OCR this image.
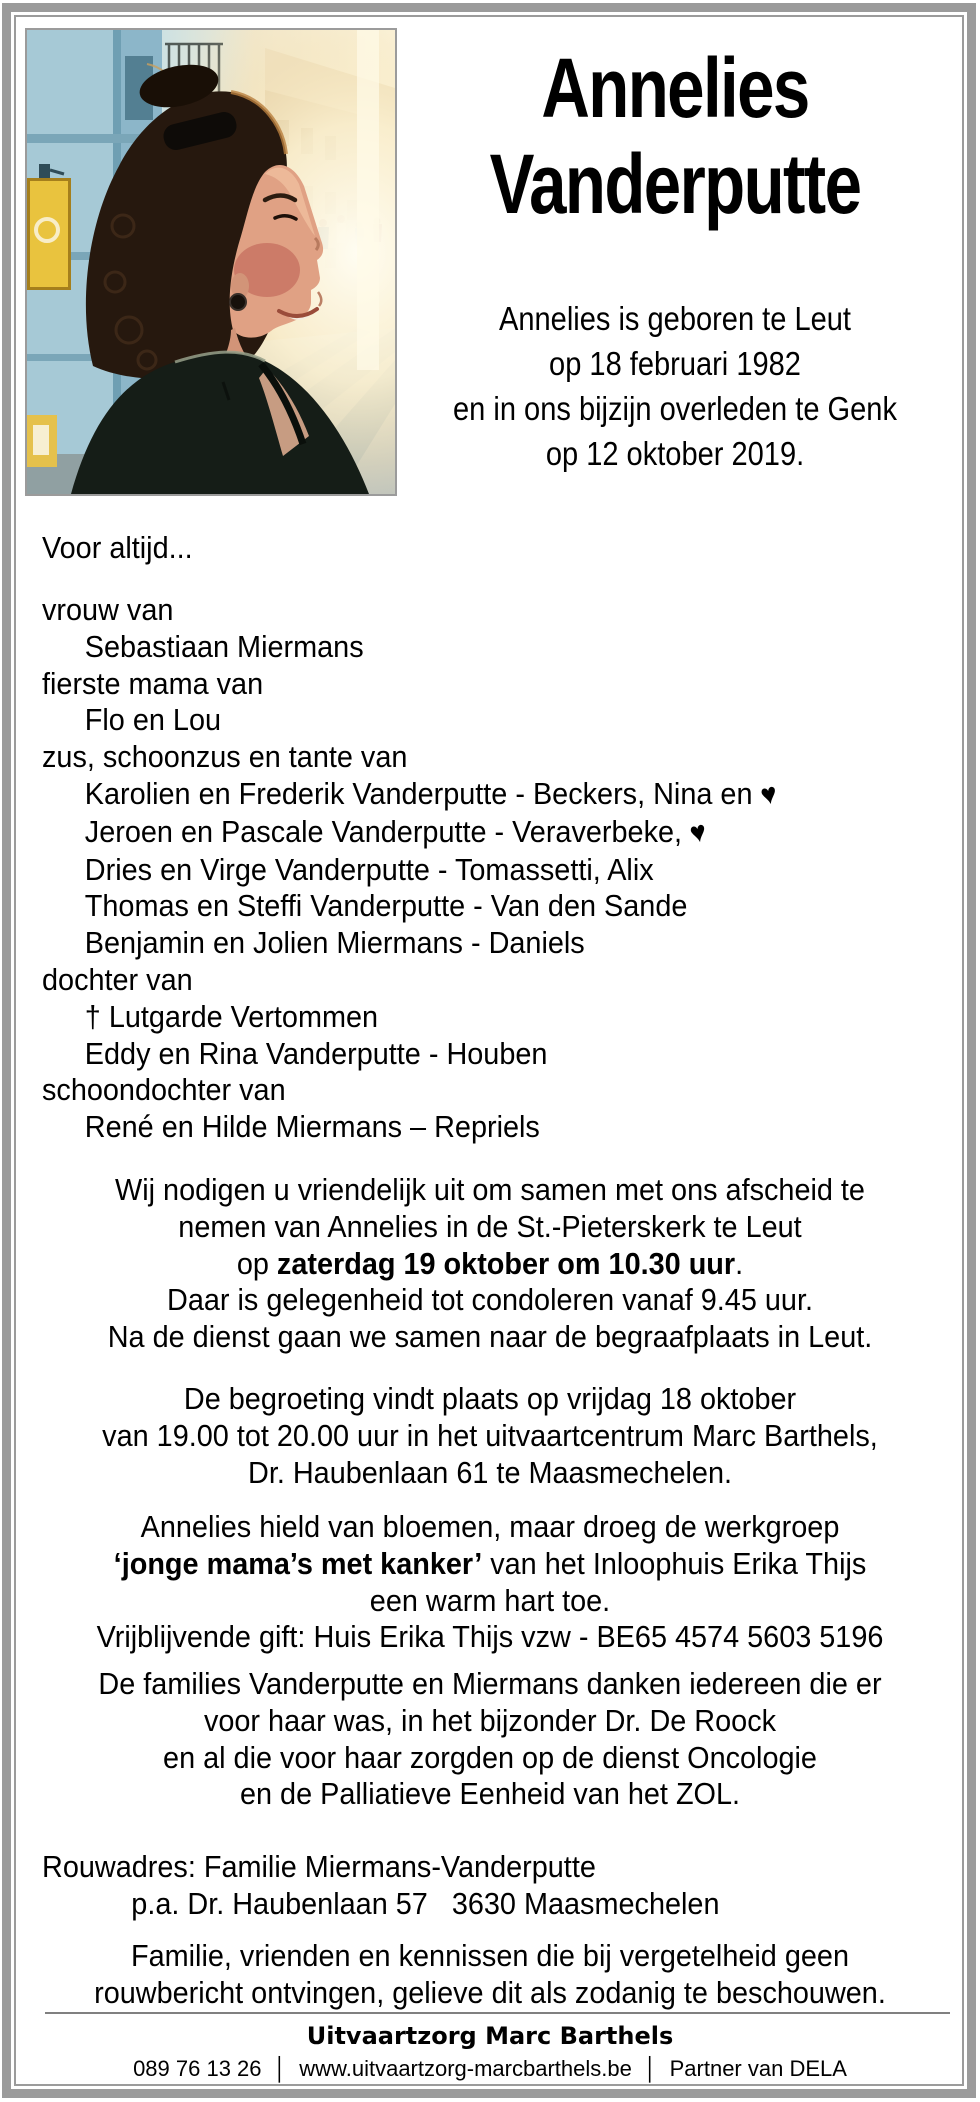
Annelies
Vanderputte
Annelies is geboren te Leut
op 18 februari 1982
en in ons bijzijn overleden te Genk
op 12 oktober 2019.
Voor altijd...
vrouw van
Sebastiaan Miermans
fierste mama van
Flo en Lou
zus, schoonzus en tante van
Karolien en Frederik Vanderputte - Beckers, Nina en ♥
Jeroen en Pascale Vanderputte - Veraverbeke, ♥
Dries en Virge Vanderputte - Tomassetti, Alix
Thomas en Steffi Vanderputte - Van den Sande
Benjamin en Jolien Miermans - Daniels
dochter van
† Lutgarde Vertommen
Eddy en Rina Vanderputte - Houben
schoondochter van
René en Hilde Miermans – Repriels
Wij nodigen u vriendelijk uit om samen met ons afscheid te
nemen van Annelies in de St.-Pieterskerk te Leut
op zaterdag 19 oktober om 10.30 uur.
Daar is gelegenheid tot condoleren vanaf 9.45 uur.
Na de dienst gaan we samen naar de begraafplaats in Leut.
De begroeting vindt plaats op vrijdag 18 oktober
van 19.00 tot 20.00 uur in het uitvaartcentrum Marc Barthels,
Dr. Haubenlaan 61 te Maasmechelen.
Annelies hield van bloemen, maar droeg de werkgroep
‘jonge mama’s met kanker’ van het Inloophuis Erika Thijs
een warm hart toe.
Vrijblijvende gift: Huis Erika Thijs vzw - BE65 4574 5603 5196
De families Vanderputte en Miermans danken iedereen die er
voor haar was, in het bijzonder Dr. De Roock
en al die voor haar zorgden op de dienst Oncologie
en de Palliatieve Eenheid van het ZOL.
Rouwadres: Familie Miermans-Vanderputte
p.a. Dr. Haubenlaan 57   3630 Maasmechelen
Familie, vrienden en kennissen die bij vergetelheid geen
rouwbericht ontvingen, gelieve dit als zodanig te beschouwen.
Uitvaartzorg Marc Barthels
089 76 13 26 │ www.uitvaartzorg-marcbarthels.be │ Partner van DELA
